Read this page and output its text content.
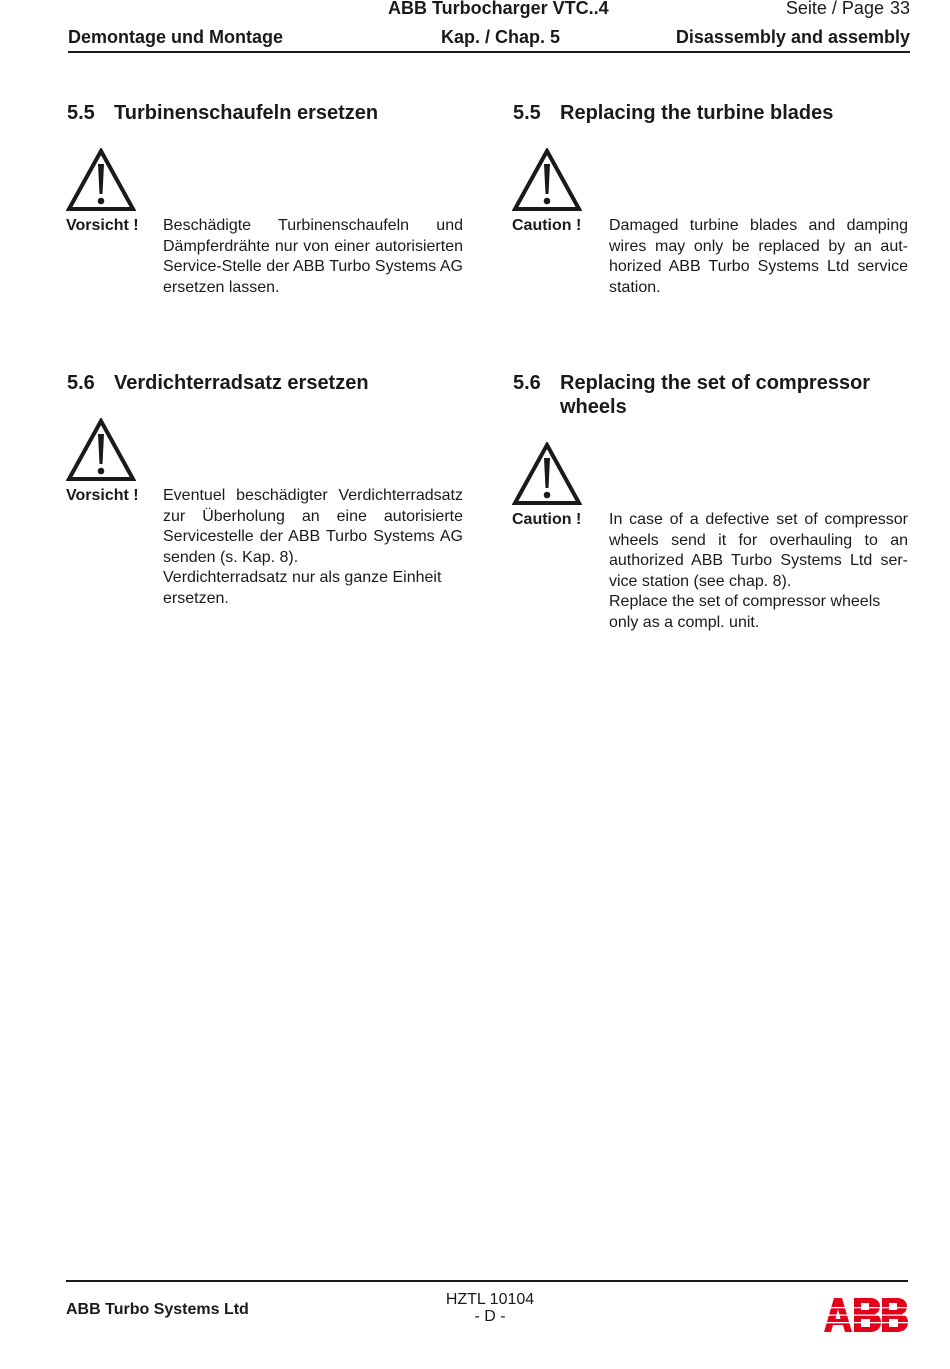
ABB Turbocharger VTC..4	Seite / Page 33
Demontage und Montage	Kap. / Chap. 5	Disassembly and assembly
5.5 Turbinenschaufeln ersetzen
Vorsicht ! Beschädigte Turbinenschaufeln und Dämpferdrähte nur von einer autorisierten Service-Stelle der ABB Turbo Systems AG ersetzen lassen.

5.5 Replacing the turbine blades
Caution ! Damaged turbine blades and damping wires may only be replaced by an authorized ABB Turbo Systems Ltd service station.

5.6 Verdichterradsatz ersetzen
Vorsicht ! Eventuel beschädigter Verdichterradsatz zur Überholung an eine autorisierte Servicestelle der ABB Turbo Systems AG senden (s. Kap. 8).

Verdichterradsatz nur als ganze Einheit ersetzen.

5.6 Replacing the set of compressor wheels
Caution ! In case of a defective set of compressor wheels send it for overhauling to an authorized ABB Turbo Systems Ltd service station (see chap. 8).

Replace the set of compressor wheels only as a compl. unit.

ABB Turbo Systems Ltd
HZTL 10104
- D -
